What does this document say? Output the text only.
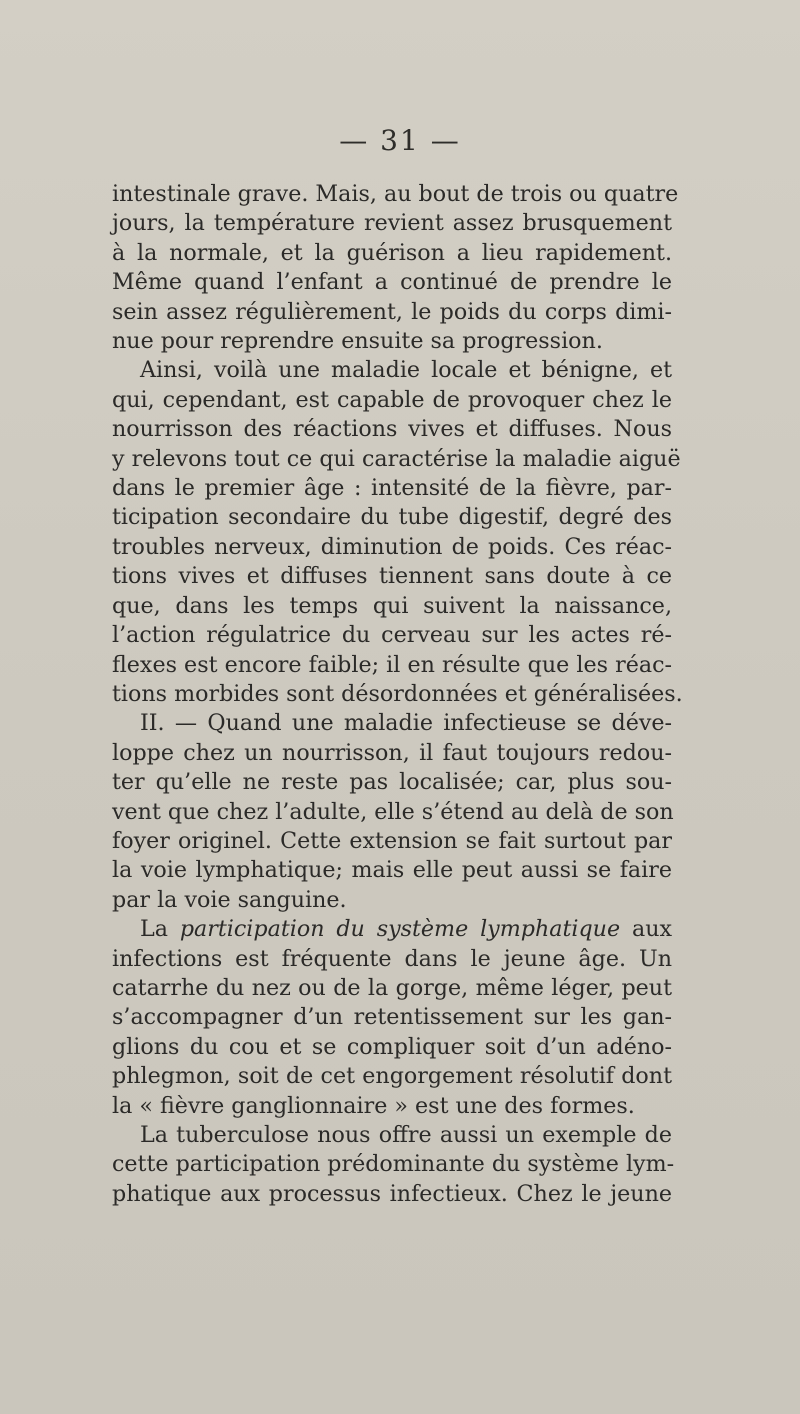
— 31 —
intestinale grave. Mais, au bout de trois ou quatre
jours, la température revient assez brusquement
à la normale, et la guérison a lieu rapidement.
Même quand l’enfant a continué de prendre le
sein assez régulièrement, le poids du corps dimi-
nue pour reprendre ensuite sa progression.
Ainsi, voilà une maladie locale et bénigne, et
qui, cependant, est capable de provoquer chez le
nourrisson des réactions vives et diffuses. Nous
y relevons tout ce qui caractérise la maladie aiguë
dans le premier âge : intensité de la fièvre, par-
ticipation secondaire du tube digestif, degré des
troubles nerveux, diminution de poids. Ces réac-
tions vives et diffuses tiennent sans doute à ce
que, dans les temps qui suivent la naissance,
l’action régulatrice du cerveau sur les actes ré-
flexes est encore faible; il en résulte que les réac-
tions morbides sont désordonnées et généralisées.
II. — Quand une maladie infectieuse se déve-
loppe chez un nourrisson, il faut toujours redou-
ter qu’elle ne reste pas localisée; car, plus sou-
vent que chez l’adulte, elle s’étend au delà de son
foyer originel. Cette extension se fait surtout par
la voie lymphatique; mais elle peut aussi se faire
par la voie sanguine.
La participation du système lymphatique aux
infections est fréquente dans le jeune âge. Un
catarrhe du nez ou de la gorge, même léger, peut
s’accompagner d’un retentissement sur les gan-
glions du cou et se compliquer soit d’un adéno-
phlegmon, soit de cet engorgement résolutif dont
la « fièvre ganglionnaire » est une des formes.
La tuberculose nous offre aussi un exemple de
cette participation prédominante du système lym-
phatique aux processus infectieux. Chez le jeune
